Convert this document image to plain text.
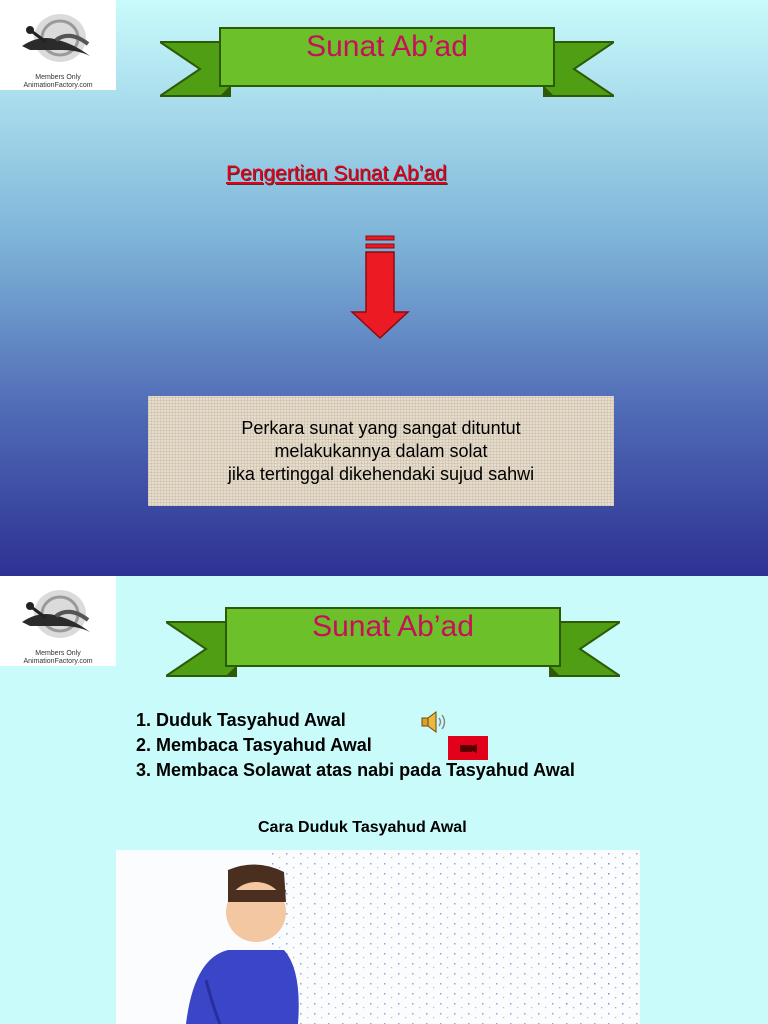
Members Only
AnimationFactory.com
Sunat Ab’ad
Pengertian Sunat Ab’ad
Perkara sunat yang sangat dituntut
melakukannya dalam solat
jika tertinggal dikehendaki sujud sahwi
Members Only
AnimationFactory.com
Sunat Ab’ad
1. Duduk Tasyahud Awal
2. Membaca Tasyahud Awal
3. Membaca Solawat atas nabi pada Tasyahud Awal
Cara Duduk Tasyahud Awal
